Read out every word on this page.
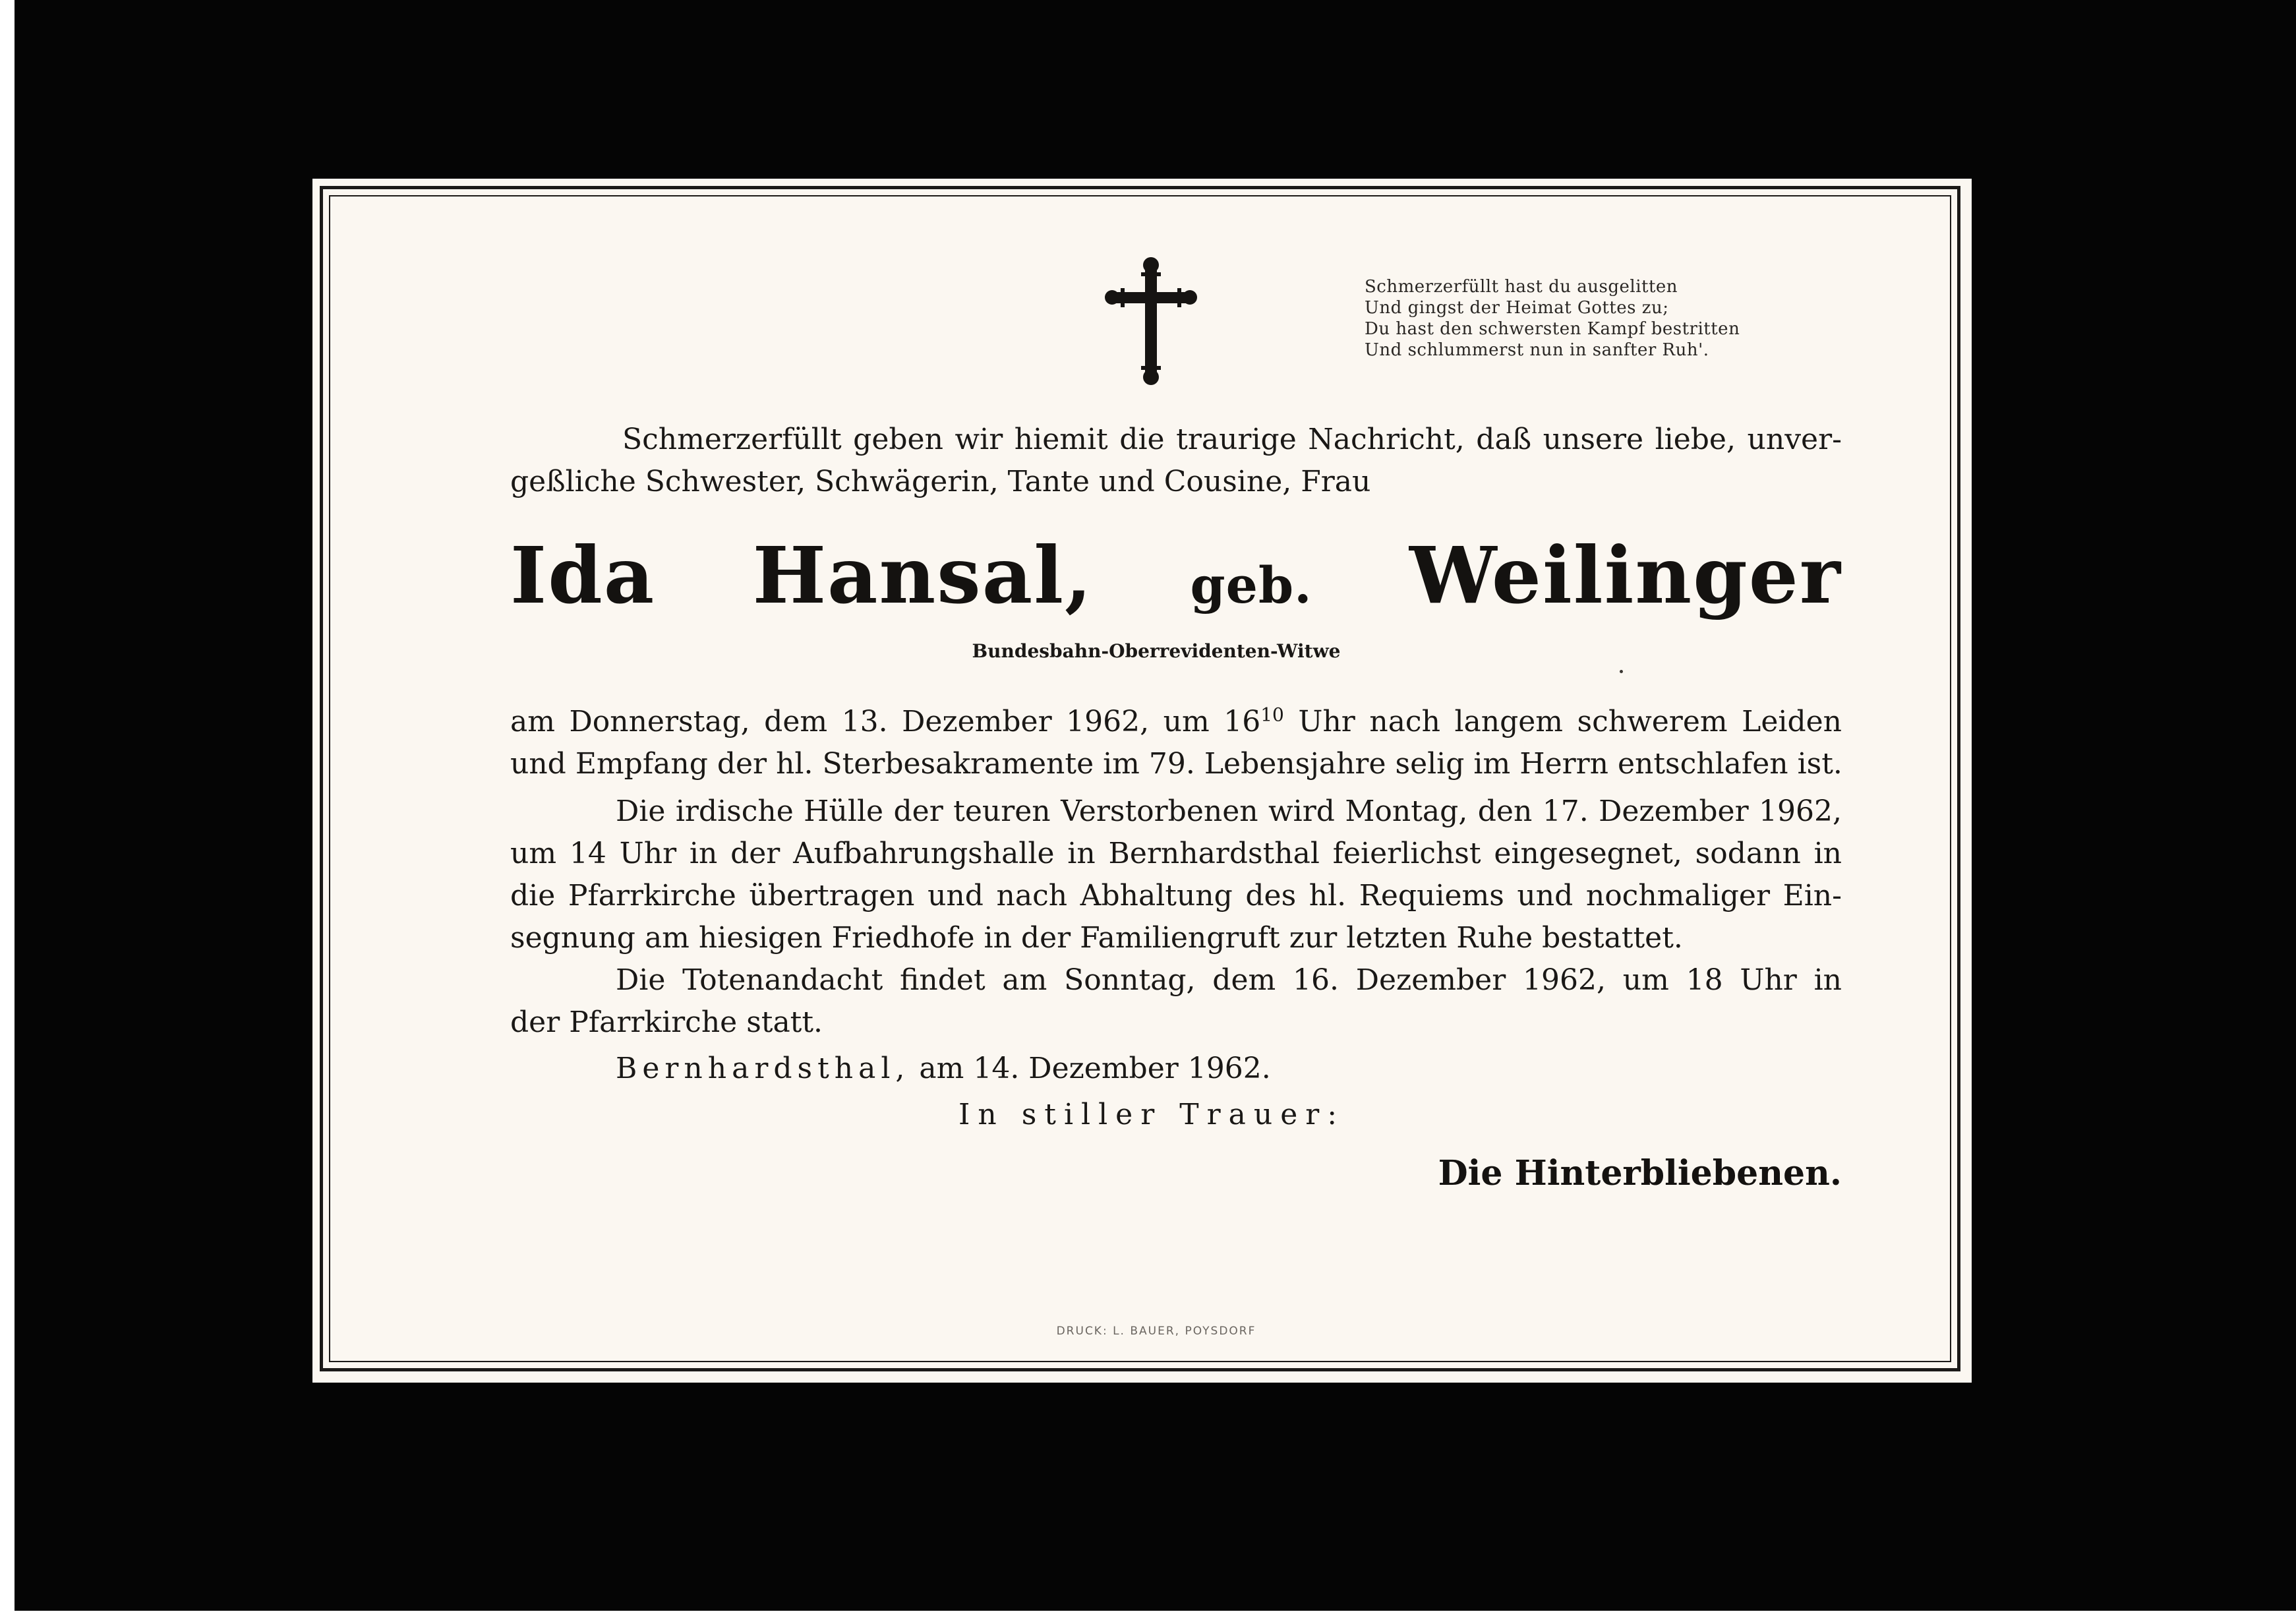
Schmerzerfüllt hast du ausgelitten
Und gingst der Heimat Gottes zu;
Du hast den schwersten Kampf bestritten
Und schlummerst nun in sanfter Ruh'.
Schmerzerfüllt geben wir hiemit die traurige Nachricht, daß unsere liebe, unver-
geßliche Schwester, Schwägerin, Tante und Cousine, Frau
Ida Hansal, geb. Weilinger
Bundesbahn-Oberrevidenten-Witwe
am Donnerstag, dem 13. Dezember 1962, um $16^{10}$ Uhr nach langem schwerem Leiden
und Empfang der hl. Sterbesakramente im 79. Lebensjahre selig im Herrn entschlafen ist.
Die irdische Hülle der teuren Verstorbenen wird Montag, den 17. Dezember 1962,
um 14 Uhr in der Aufbahrungshalle in Bernhardsthal feierlichst eingesegnet, sodann in
die Pfarrkirche übertragen und nach Abhaltung des hl. Requiems und nochmaliger Ein-
segnung am hiesigen Friedhofe in der Familiengruft zur letzten Ruhe bestattet.
Die Totenandacht findet am Sonntag, dem 16. Dezember 1962, um 18 Uhr in
der Pfarrkirche statt.
Bernhardsthal, am 14. Dezember 1962.
In stiller Trauer:
Die Hinterbliebenen.
DRUCK: L. BAUER, POYSDORF
